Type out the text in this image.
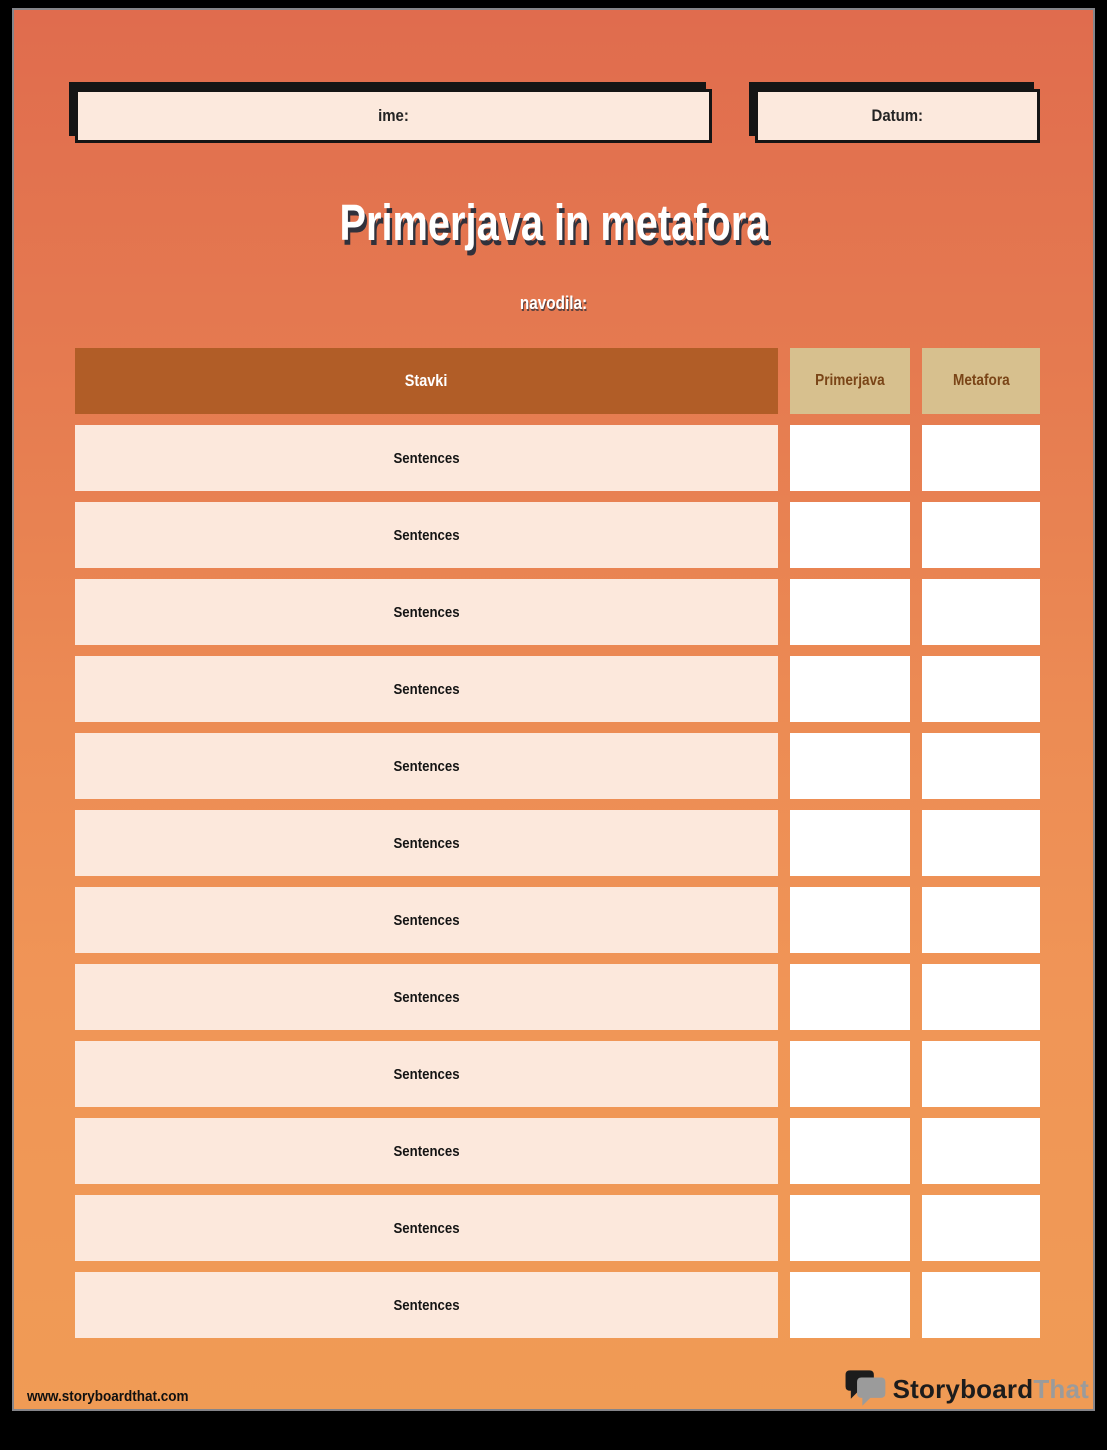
ime:	Datum:
Primerjava in metafora
navodila:
Stavki	Primerjava	Metafora
Sentences
Sentences
Sentences
Sentences
Sentences
Sentences
Sentences
Sentences
Sentences
Sentences
Sentences
Sentences
www.storyboardthat.com	StoryboardThat
